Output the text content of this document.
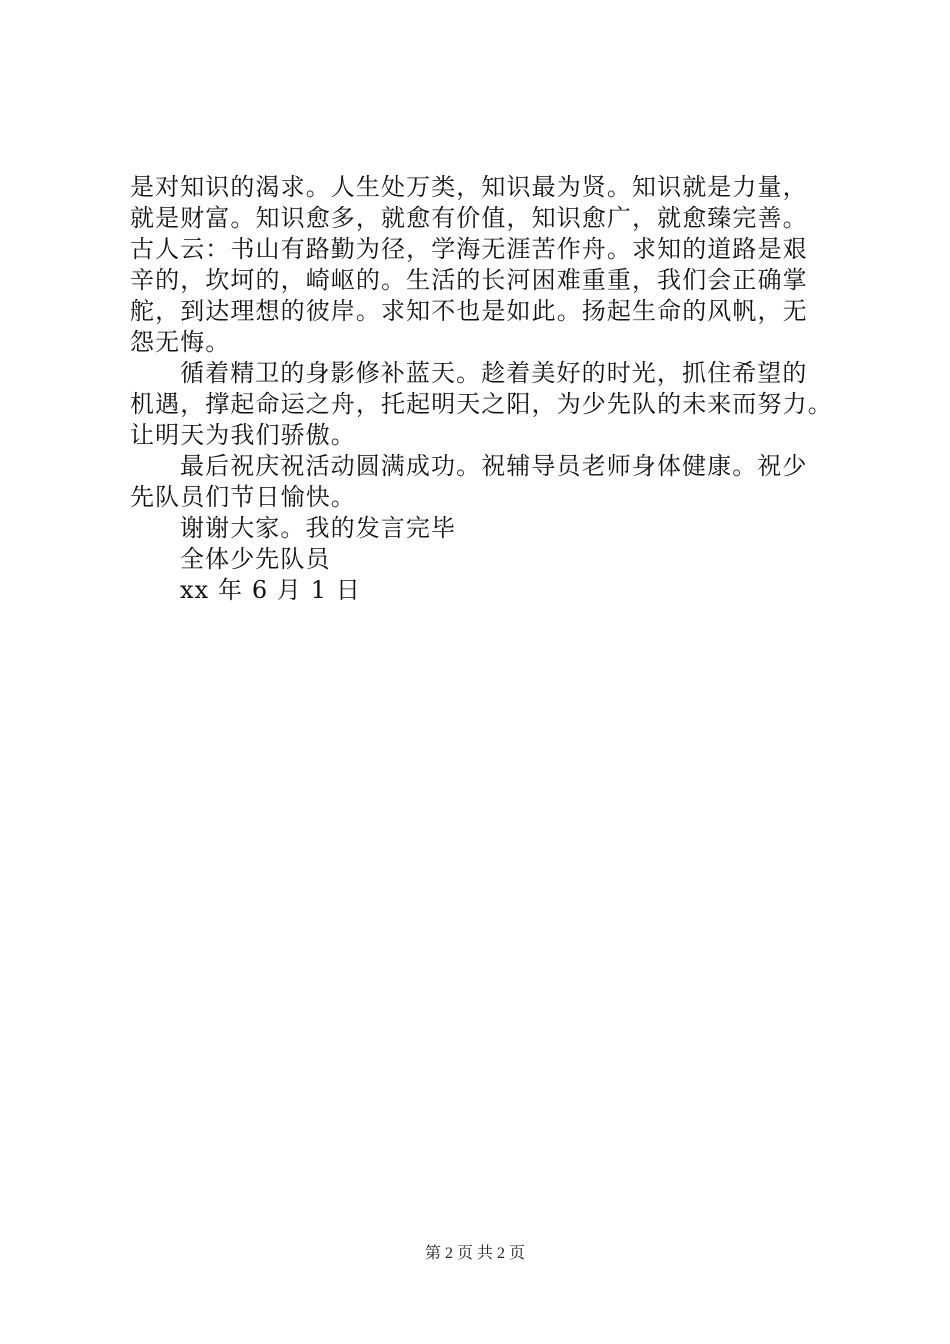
是对知识的渴求。人生处万类，知识最为贤。知识就是力量，
就是财富。知识愈多，就愈有价值，知识愈广，就愈臻完善。
古人云：书山有路勤为径，学海无涯苦作舟。求知的道路是艰
辛的，坎坷的，崎岖的。生活的长河困难重重，我们会正确掌
舵，到达理想的彼岸。求知不也是如此。扬起生命的风帆，无
怨无悔。
循着精卫的身影修补蓝天。趁着美好的时光，抓住希望的
机遇，撑起命运之舟，托起明天之阳，为少先队的未来而努力。
让明天为我们骄傲。
最后祝庆祝活动圆满成功。祝辅导员老师身体健康。祝少
先队员们节日愉快。
谢谢大家。我的发言完毕
全体少先队员
xx 年 6 月 1 日
第 2 页 共 2 页
